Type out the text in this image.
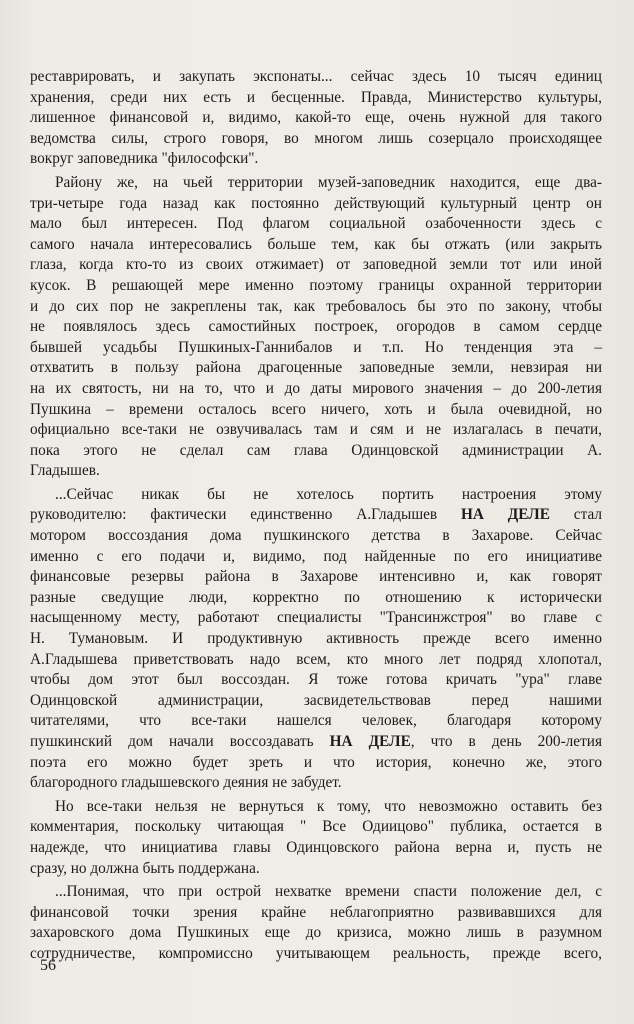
реставрировать, и закупать экспонаты... сейчас здесь 10 тысяч единиц
хранения, среди них есть и бесценные. Правда, Министерство культуры,
лишенное финансовой и, видимо, какой-то еще, очень нужной для такого
ведомства силы, строго говоря, во многом лишь созерцало происходящее
вокруг заповедника "философски".
Району же, на чьей территории музей-заповедник находится, еще два-
три-четыре года назад как постоянно действующий культурный центр он
мало был интересен. Под флагом социальной озабоченности здесь с
самого начала интересовались больше тем, как бы отжать (или закрыть
глаза, когда кто-то из своих отжимает) от заповедной земли тот или иной
кусок. В решающей мере именно поэтому границы охранной территории
и до сих пор не закреплены так, как требовалось бы это по закону, чтобы
не появлялось здесь самостийных построек, огородов в самом сердце
бывшей усадьбы Пушкиных-Ганнибалов и т.п. Но тенденция эта –
отхватить в пользу района драгоценные заповедные земли, невзирая ни
на их святость, ни на то, что и до даты мирового значения – до 200-летия
Пушкина – времени осталось всего ничего, хоть и была очевидной, но
официально все-таки не озвучивалась там и сям и не излагалась в печати,
пока этого не сделал сам глава Одинцовской администрации А.
Гладышев.
...Сейчас никак бы не хотелось портить настроения этому
руководителю: фактически единственно А.Гладышев НА ДЕЛЕ стал
мотором воссоздания дома пушкинского детства в Захарове. Сейчас
именно с его подачи и, видимо, под найденные по его инициативе
финансовые резервы района в Захарове интенсивно и, как говорят
разные сведущие люди, корректно по отношению к исторически
насыщенному месту, работают специалисты "Трансинжстроя" во главе с
Н. Тумановым. И продуктивную активность прежде всего именно
А.Гладышева приветствовать надо всем, кто много лет подряд хлопотал,
чтобы дом этот был воссоздан. Я тоже готова кричать "ура" главе
Одинцовской администрации, засвидетельствовав перед нашими
читателями, что все-таки нашелся человек, благодаря которому
пушкинский дом начали воссоздавать НА ДЕЛЕ, что в день 200-летия
поэта его можно будет зреть и что история, конечно же, этого
благородного гладышевского деяния не забудет.
Но все-таки нельзя не вернуться к тому, что невозможно оставить без
комментария, поскольку читающая " Все Одиицово" публика, остается в
надежде, что инициатива главы Одинцовского района верна и, пусть не
сразу, но должна быть поддержана.
...Понимая, что при острой нехватке времени спасти положение дел, с
финансовой точки зрения крайне неблагоприятно развивавшихся для
захаровского дома Пушкиных еще до кризиса, можно лишь в разумном
сотрудничестве, компромиссно учитывающем реальность, прежде всего,
56
